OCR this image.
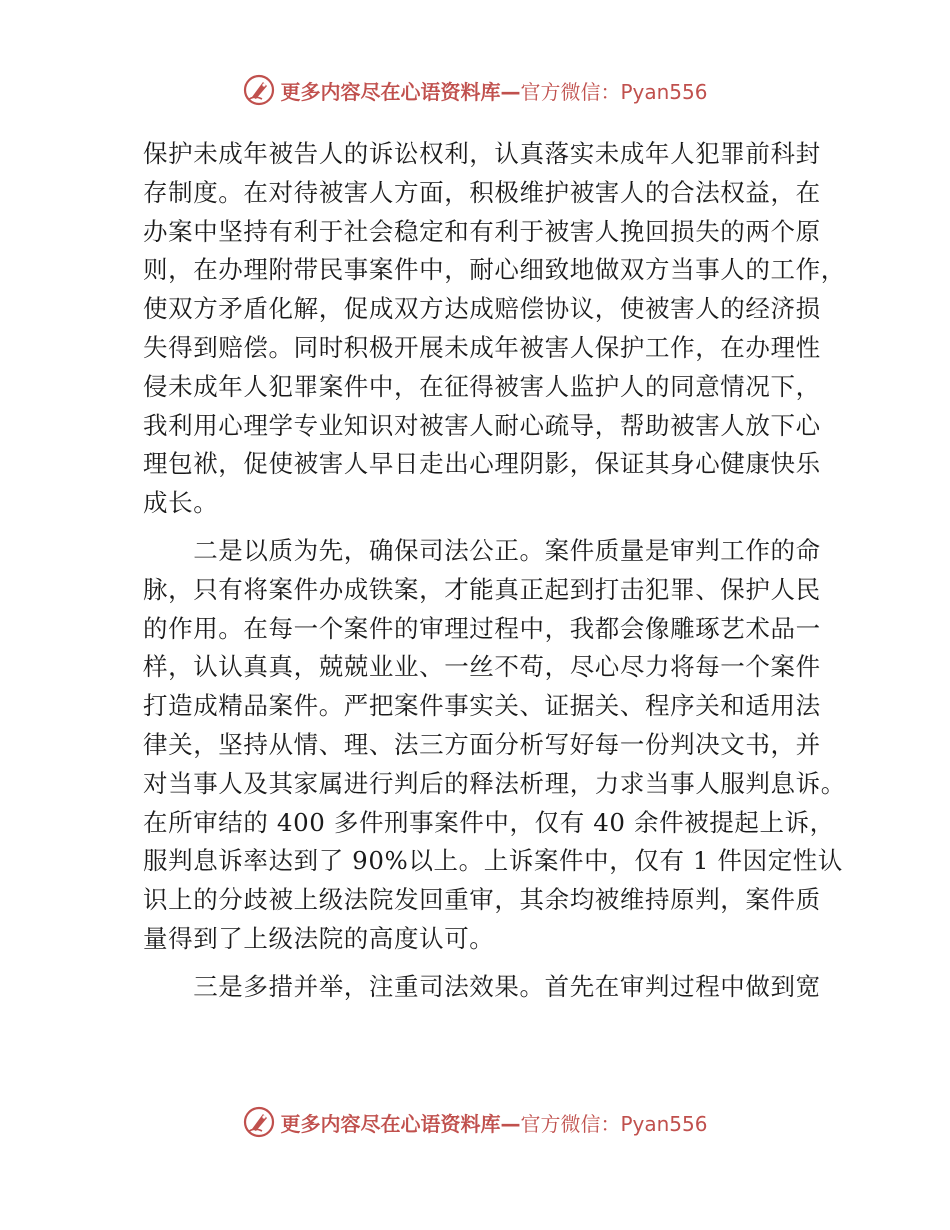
更多内容尽在心语资料库— 官方微信：Pyan556
保护未成年被告人的诉讼权利，认真落实未成年人犯罪前科封
存制度。在对待被害人方面，积极维护被害人的合法权益，在
办案中坚持有利于社会稳定和有利于被害人挽回损失的两个原
则，在办理附带民事案件中，耐心细致地做双方当事人的工作，
使双方矛盾化解，促成双方达成赔偿协议，使被害人的经济损
失得到赔偿。同时积极开展未成年被害人保护工作，在办理性
侵未成年人犯罪案件中，在征得被害人监护人的同意情况下，
我利用心理学专业知识对被害人耐心疏导，帮助被害人放下心
理包袱，促使被害人早日走出心理阴影，保证其身心健康快乐
成长。
　　二是以质为先，确保司法公正。案件质量是审判工作的命
脉，只有将案件办成铁案，才能真正起到打击犯罪、保护人民
的作用。在每一个案件的审理过程中，我都会像雕琢艺术品一
样，认认真真，兢兢业业、一丝不苟，尽心尽力将每一个案件
打造成精品案件。严把案件事实关、证据关、程序关和适用法
律关，坚持从情、理、法三方面分析写好每一份判决文书，并
对当事人及其家属进行判后的释法析理，力求当事人服判息诉。
在所审结的 400 多件刑事案件中，仅有 40 余件被提起上诉，
服判息诉率达到了 90%以上。上诉案件中，仅有 1 件因定性认
识上的分歧被上级法院发回重审，其余均被维持原判，案件质
量得到了上级法院的高度认可。
　　三是多措并举，注重司法效果。首先在审判过程中做到宽
更多内容尽在心语资料库— 官方微信：Pyan556
